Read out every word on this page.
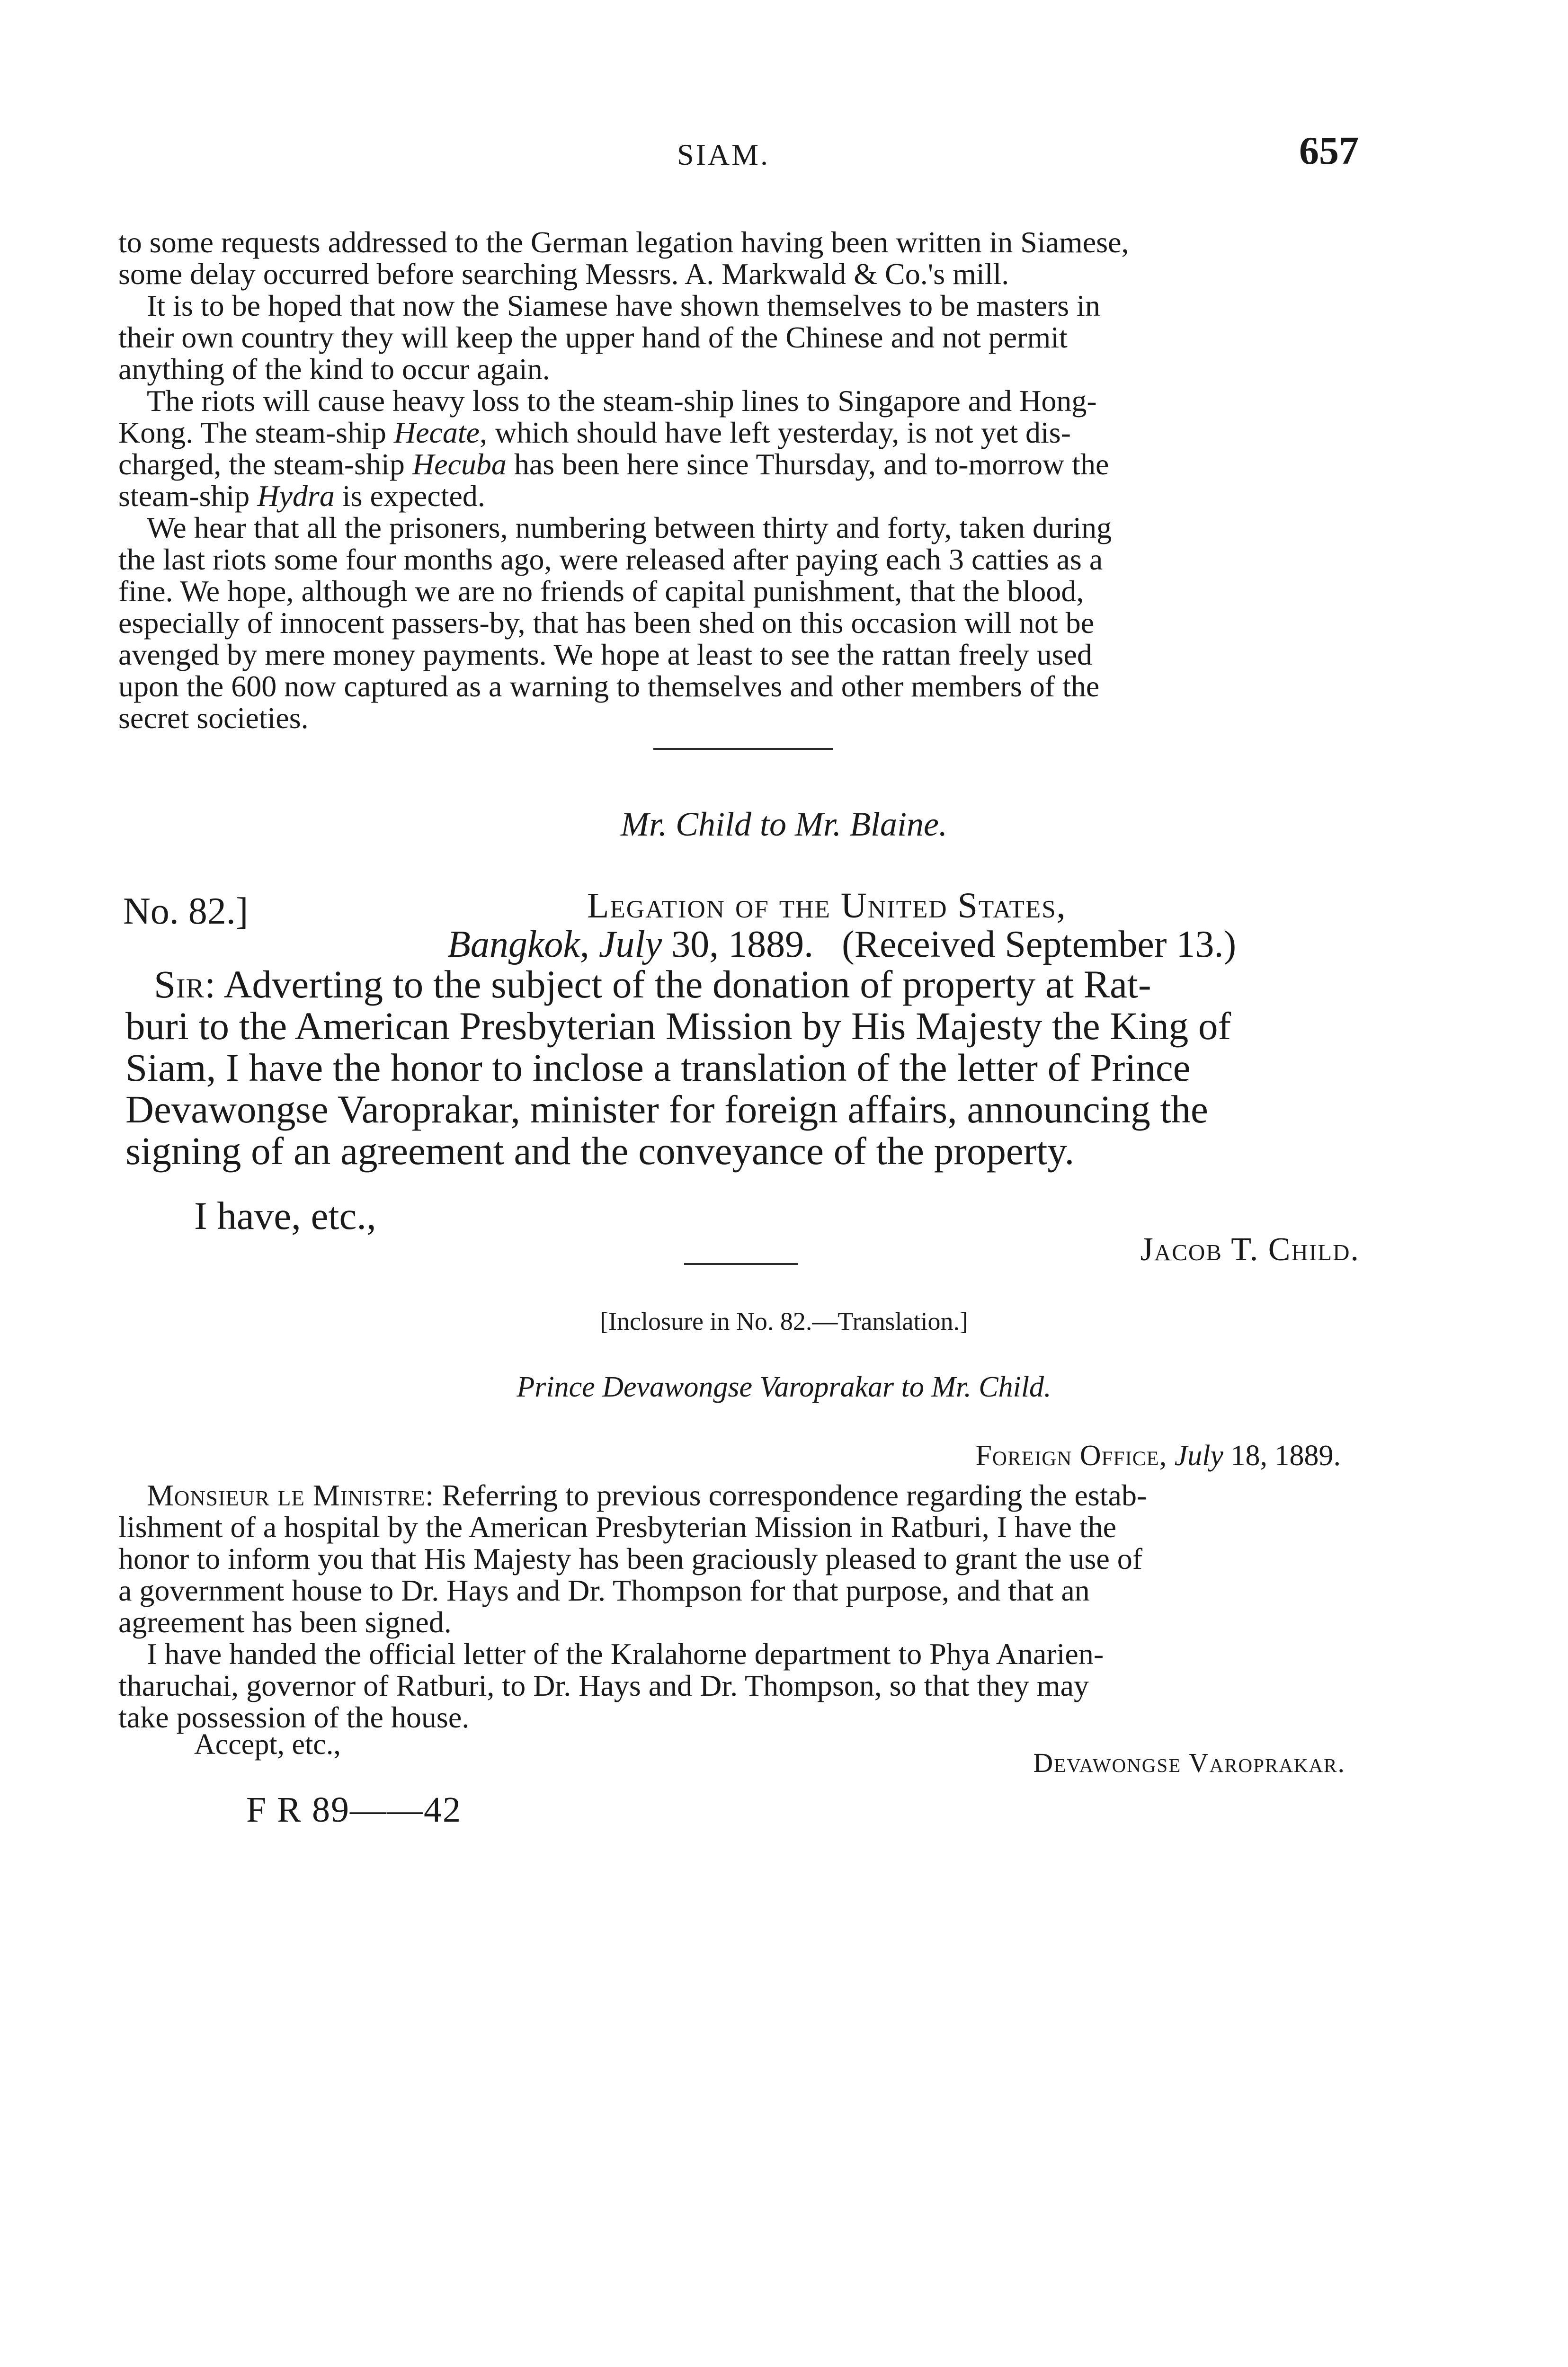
SIAM.	657

to some requests addressed to the German legation having been written in Siamese,

some delay occurred before searching Messrs. A. Markwald & Co.'s mill.

It is to be hoped that now the Siamese have shown themselves to be masters in

their own country they will keep the upper hand of the Chinese and not permit

anything of the kind to occur again.

The riots will cause heavy loss to the steam-ship lines to Singapore and Hong-

Kong. The steam-ship Hecate, which should have left yesterday, is not yet dis-

charged, the steam-ship Hecuba has been here since Thursday, and to-morrow the

steam-ship Hydra is expected.

We hear that all the prisoners, numbering between thirty and forty, taken during

the last riots some four months ago, were released after paying each 3 catties as a

fine. We hope, although we are no friends of capital punishment, that the blood,

especially of innocent passers-by, that has been shed on this occasion will not be

avenged by mere money payments. We hope at least to see the rattan freely used

upon the 600 now captured as a warning to themselves and other members of the

secret societies.

Mr. Child to Mr. Blaine.
No. 82.]	Legation of the United States,
Bangkok, July 30, 1889. (Received September 13.)

Sir: Adverting to the subject of the donation of property at Rat-

buri to the American Presbyterian Mission by His Majesty the King of

Siam, I have the honor to inclose a translation of the letter of Prince

Devawongse Varoprakar, minister for foreign affairs, announcing the

signing of an agreement and the conveyance of the property.

I have, etc.,
Jacob T. Child.
[Inclosure in No. 82.—Translation.]
Prince Devawongse Varoprakar to Mr. Child.
Foreign Office, July 18, 1889.

Monsieur le Ministre: Referring to previous correspondence regarding the estab-

lishment of a hospital by the American Presbyterian Mission in Ratburi, I have the

honor to inform you that His Majesty has been graciously pleased to grant the use of

a government house to Dr. Hays and Dr. Thompson for that purpose, and that an

agreement has been signed.

I have handed the official letter of the Kralahorne department to Phya Anarien-

tharuchai, governor of Ratburi, to Dr. Hays and Dr. Thompson, so that they may

take possession of the house.

Accept, etc.,
Devawongse Varoprakar.
F R 89——42
